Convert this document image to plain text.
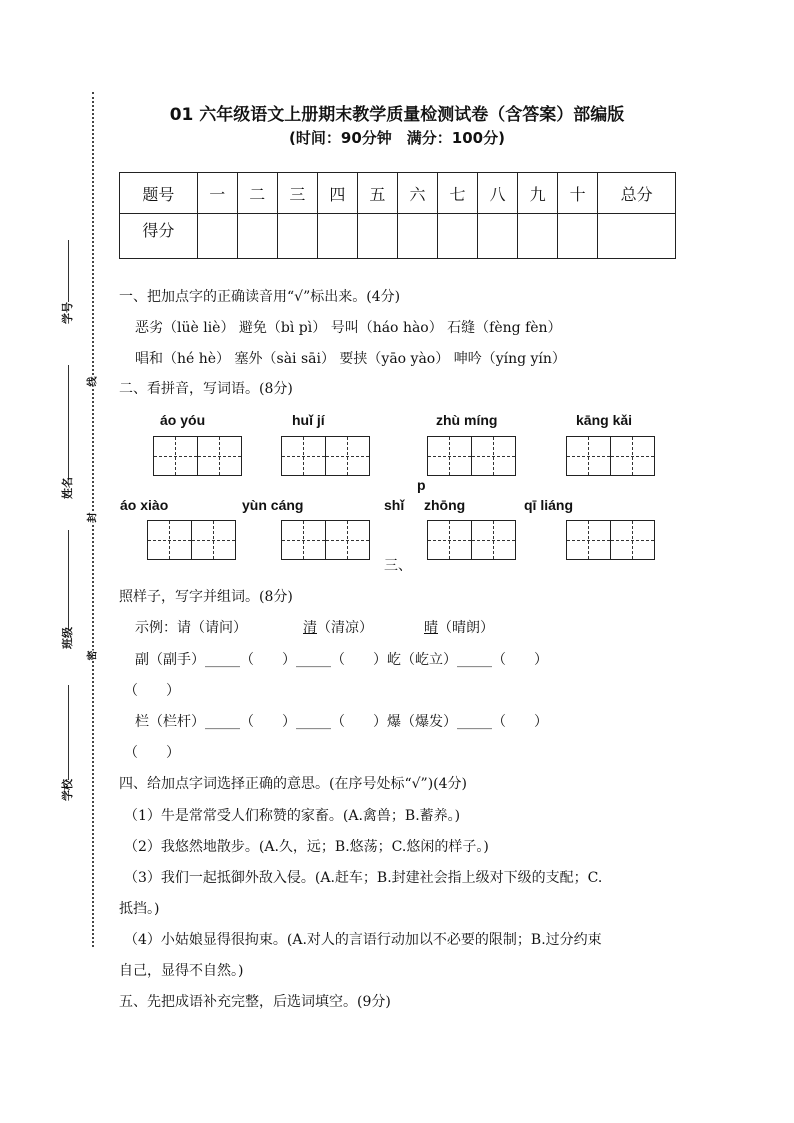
学号
姓名
班级
学校
线
封
密
01 六年级语文上册期末教学质量检测试卷（含答案）部编版
(时间：90分钟　满分：100分)
题号	一	二	三	四	五	六	七	八	九	十	总分
得分											
一、把加点字的正确读音用“√”标出来。(4分)
恶劣（lüè liè） 避免（bì pì） 号叫（háo hào） 石缝（fèng fèn）
唱和（hé hè） 塞外（sài sāi） 要挟（yāo yào） 呻吟（yíng yín）
二、看拼音，写词语。(8分)
áo yóu	huǐ jí	zhù míng	kāng kǎi
p
áo xiào	yùn cáng	shǐ zhōng	qī liáng
三、
照样子，写字并组词。(8分)
示例：请（请问）	清（清凉）	晴（晴朗）
副（副手）_____（　　）_____（　　）屹（屹立）_____（　　）
（　　）
栏（栏杆）_____（　　）_____（　　）爆（爆发）_____（　　）
（　　）
四、给加点字词选择正确的意思。(在序号处标“√”)(4分)
（1）牛是常常受人们称赞的家畜。(A.禽兽；B.蓄养。)
（2）我悠然地散步。(A.久，远；B.悠荡；C.悠闲的样子。)
（3）我们一起抵御外敌入侵。(A.赶车；B.封建社会指上级对下级的支配；C.
抵挡。)
（4）小姑娘显得很拘束。(A.对人的言语行动加以不必要的限制；B.过分约束
自己，显得不自然。)
五、先把成语补充完整，后选词填空。(9分)
